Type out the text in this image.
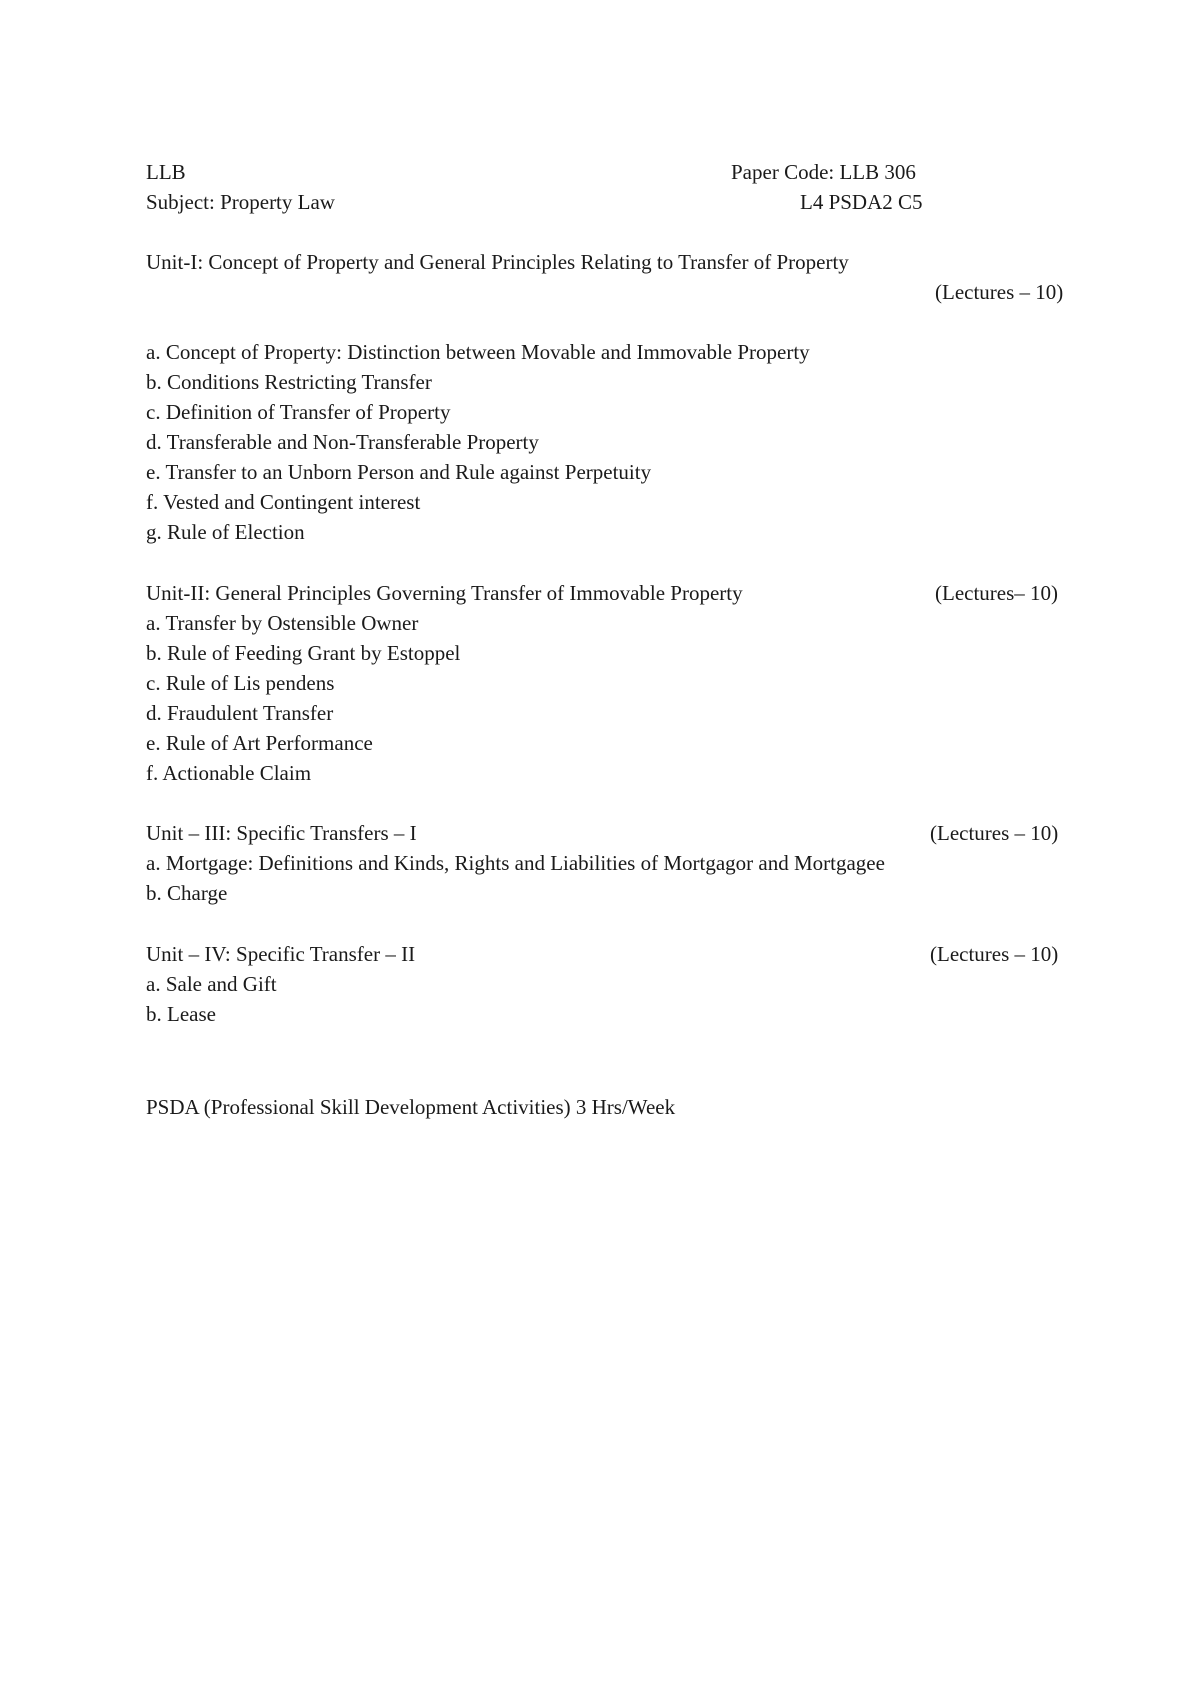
LLB	Paper Code: LLB 306
Subject: Property Law	L4 PSDA2 C5
Unit-I: Concept of Property and General Principles Relating to Transfer of Property
(Lectures – 10)
a. Concept of Property: Distinction between Movable and Immovable Property
b. Conditions Restricting Transfer
c. Definition of Transfer of Property
d. Transferable and Non-Transferable Property
e. Transfer to an Unborn Person and Rule against Perpetuity
f. Vested and Contingent interest
g. Rule of Election
Unit-II: General Principles Governing Transfer of Immovable Property	(Lectures– 10)
a. Transfer by Ostensible Owner
b. Rule of Feeding Grant by Estoppel
c. Rule of Lis pendens
d. Fraudulent Transfer
e. Rule of Art Performance
f. Actionable Claim
Unit – III: Specific Transfers – I	(Lectures – 10)
a. Mortgage: Definitions and Kinds, Rights and Liabilities of Mortgagor and Mortgagee
b. Charge
Unit – IV: Specific Transfer – II	(Lectures – 10)
a. Sale and Gift
b. Lease
PSDA (Professional Skill Development Activities) 3 Hrs/Week
